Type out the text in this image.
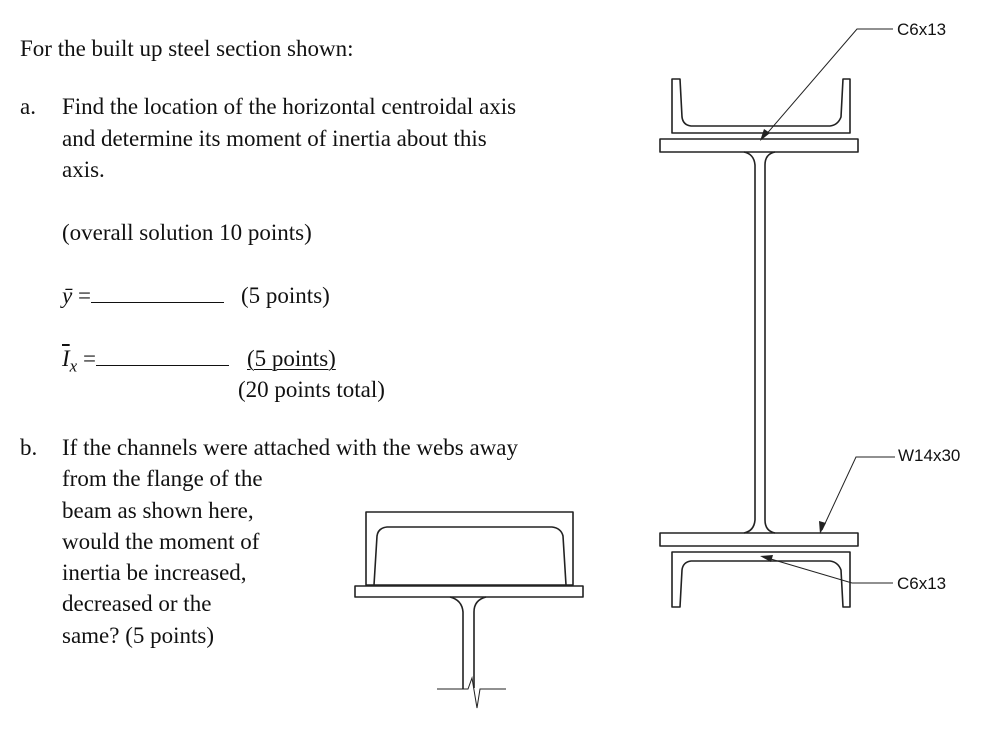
For the built up steel section shown:
a. Find the location of the horizontal centroidal axis
and determine its moment of inertia about this
axis.
(overall solution 10 points)
ȳ =	(5 points)
$\overline{I}_x$ =	(5 points)
(20 points total)
b. If the channels were attached with the webs away
from the flange of the
beam as shown here,
would the moment of
inertia be increased,
decreased or the
same? (5 points)
C6x13
W14x30
C6x13
